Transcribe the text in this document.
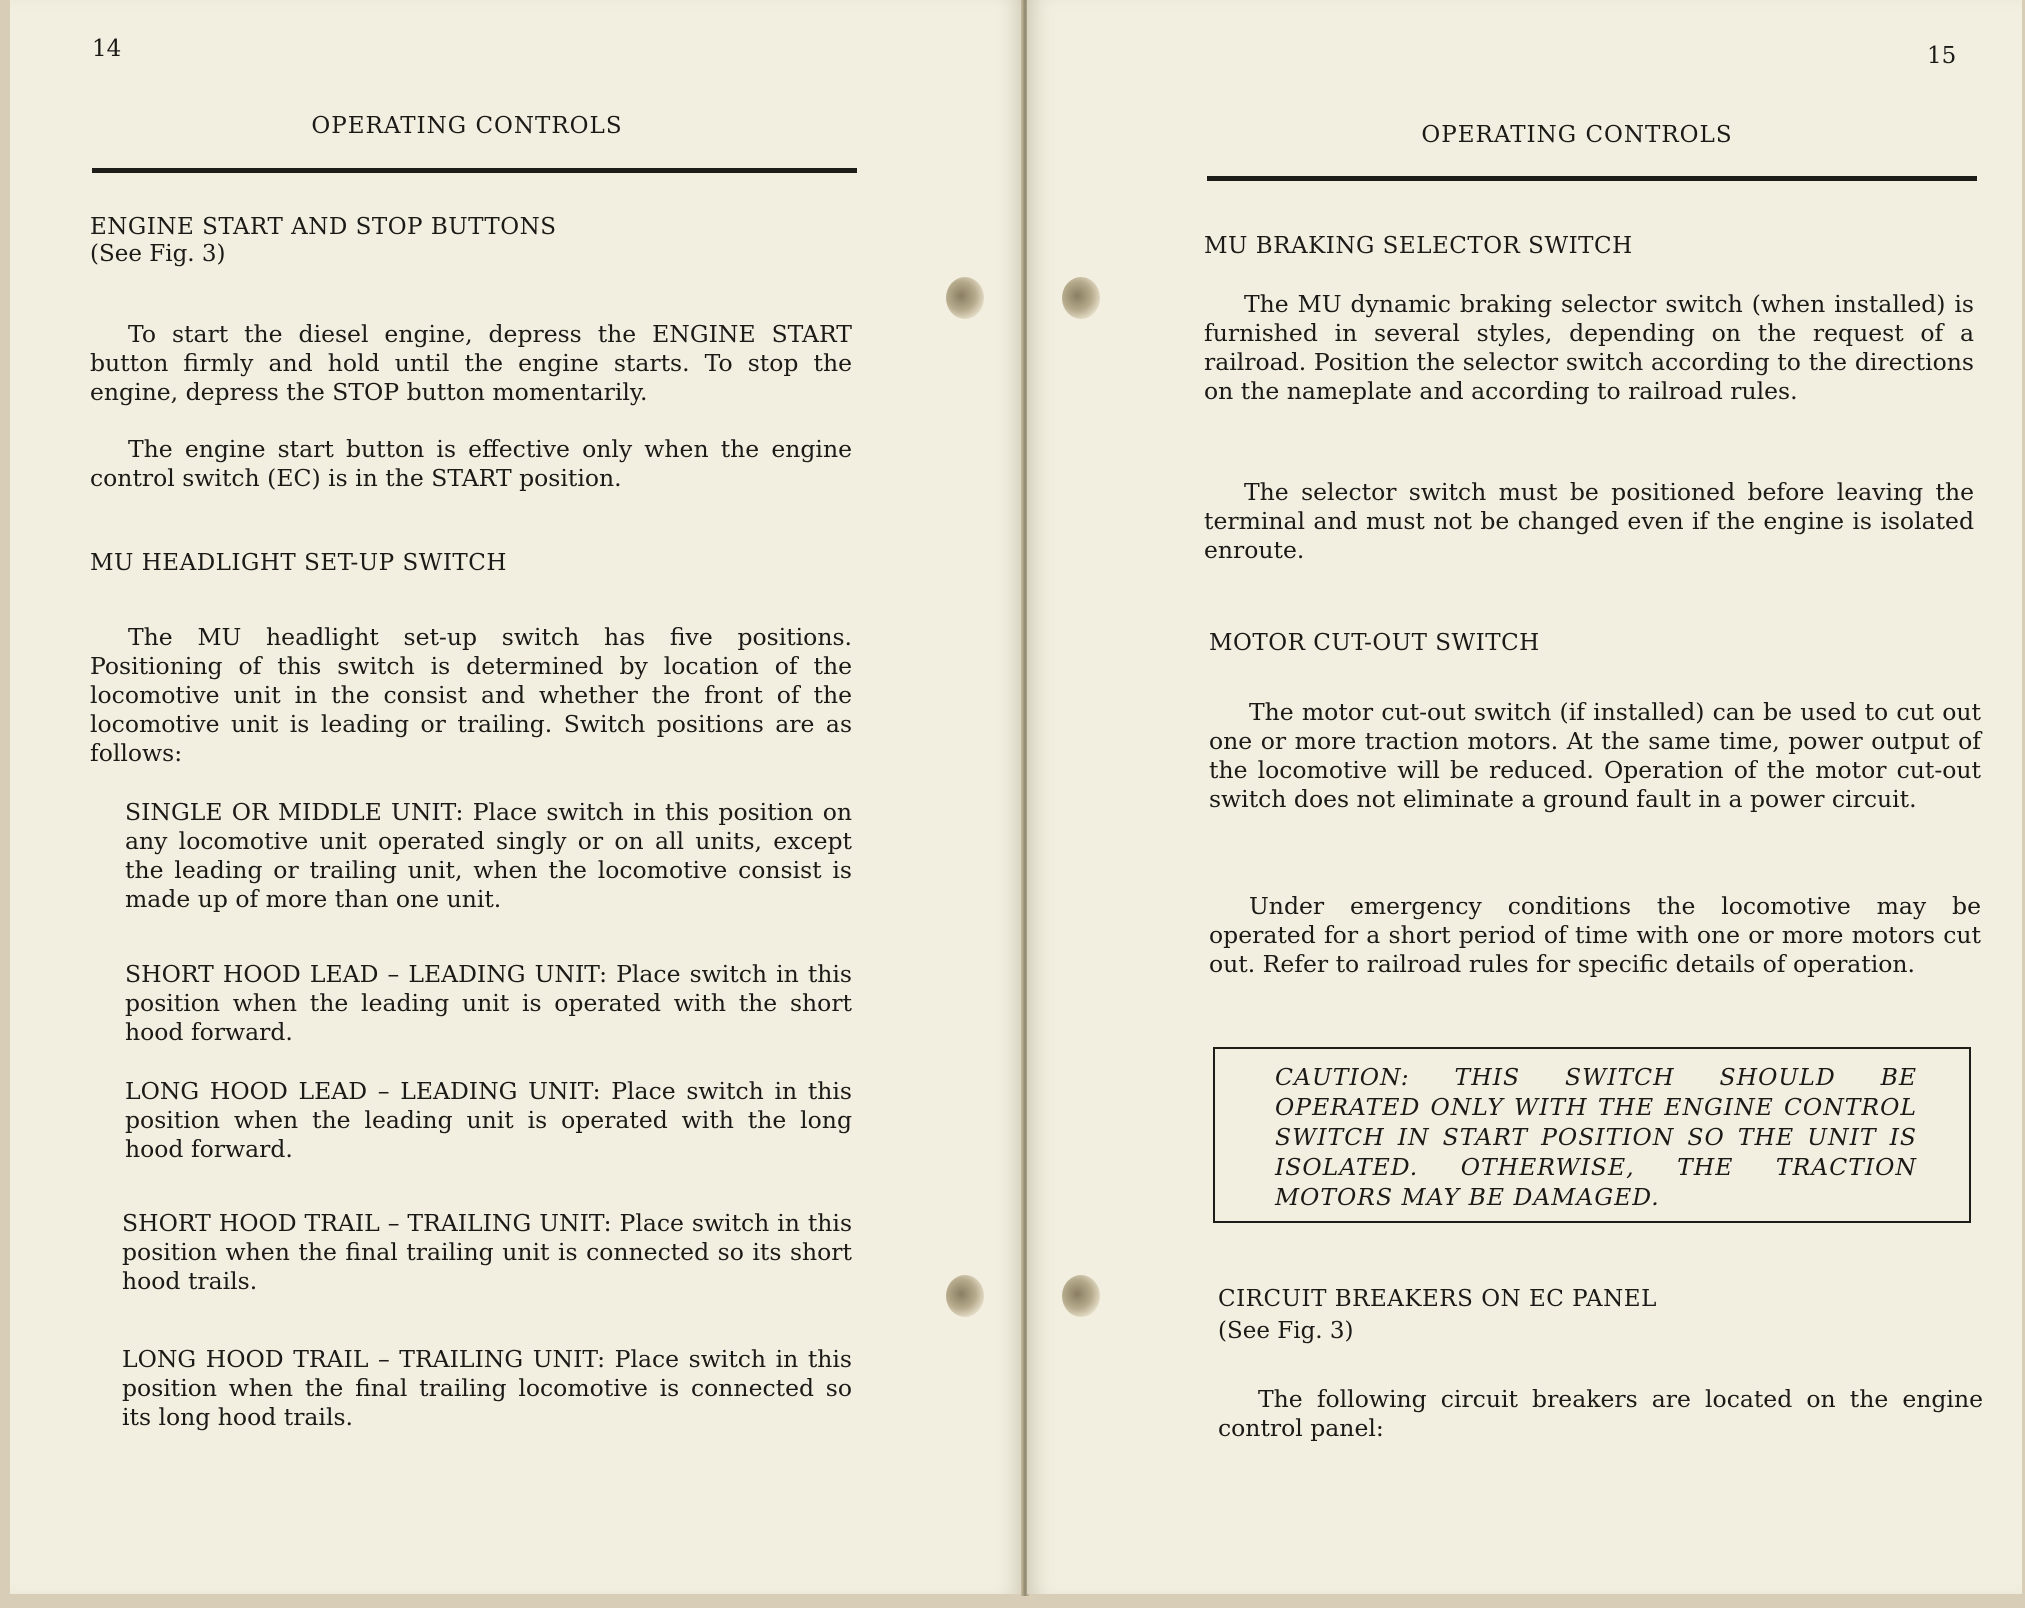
14
OPERATING CONTROLS
ENGINE START AND STOP BUTTONS
(See Fig. 3)
To start the diesel engine, depress the ENGINE START button firmly and hold until the engine starts. To stop the engine, depress the STOP button momentarily.
The engine start button is effective only when the engine control switch (EC) is in the START position.
MU HEADLIGHT SET-UP SWITCH
The MU headlight set-up switch has five positions. Positioning of this switch is determined by location of the locomotive unit in the consist and whether the front of the locomotive unit is leading or trailing. Switch positions are as follows:
SINGLE OR MIDDLE UNIT: Place switch in this position on any locomotive unit operated singly or on all units, except the leading or trailing unit, when the locomotive consist is made up of more than one unit.
SHORT HOOD LEAD – LEADING UNIT: Place switch in this position when the leading unit is operated with the short hood forward.
LONG HOOD LEAD – LEADING UNIT: Place switch in this position when the leading unit is operated with the long hood forward.
SHORT HOOD TRAIL – TRAILING UNIT: Place switch in this position when the final trailing unit is connected so its short hood trails.
LONG HOOD TRAIL – TRAILING UNIT: Place switch in this position when the final trailing locomotive is connected so its long hood trails.
15
OPERATING CONTROLS
MU BRAKING SELECTOR SWITCH
The MU dynamic braking selector switch (when installed) is furnished in several styles, depending on the request of a railroad. Position the selector switch according to the directions on the nameplate and according to railroad rules.
The selector switch must be positioned before leaving the terminal and must not be changed even if the engine is isolated enroute.
MOTOR CUT-OUT SWITCH
The motor cut-out switch (if installed) can be used to cut out one or more traction motors. At the same time, power output of the locomotive will be reduced. Operation of the motor cut-out switch does not eliminate a ground fault in a power circuit.
Under emergency conditions the locomotive may be operated for a short period of time with one or more motors cut out. Refer to railroad rules for specific details of operation.
CAUTION: THIS SWITCH SHOULD BE OPERATED ONLY WITH THE ENGINE CONTROL SWITCH IN START POSITION SO THE UNIT IS ISOLATED. OTHERWISE, THE TRACTION MOTORS MAY BE DAMAGED.
CIRCUIT BREAKERS ON EC PANEL
(See Fig. 3)
The following circuit breakers are located on the engine control panel:
